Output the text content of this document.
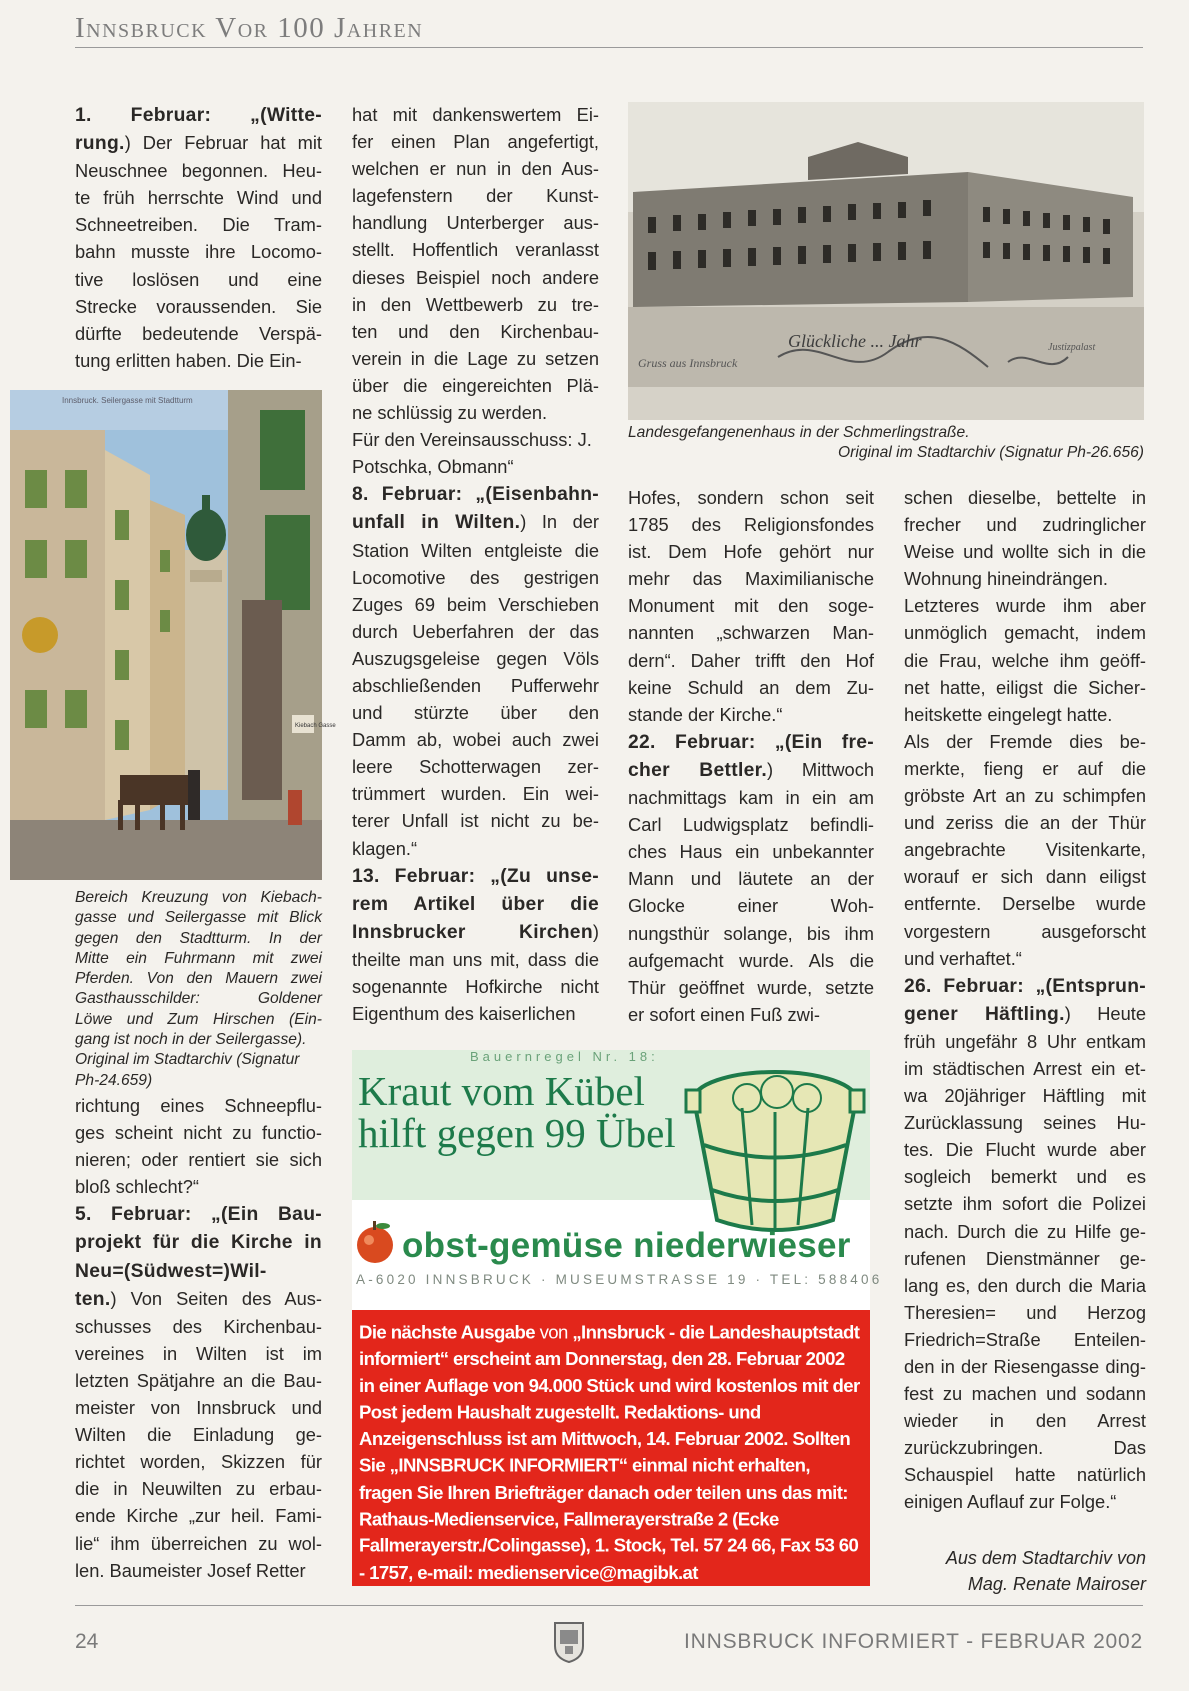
Innsbruck Vor 100 Jahren

1. Februar: „(Witte-

rung.) Der Februar hat mit

Neuschnee begonnen. Heu-

te früh herrschte Wind und

Schneetreiben. Die Tram-

bahn musste ihre Locomo-

tive loslösen und eine

Strecke voraussenden. Sie

dürfte bedeutende Verspä-

tung erlitten haben. Die Ein-

Innsbruck. Seilergasse mit Stadtturm
Kiebach Gasse
Bereich Kreuzung von Kiebach-
gasse und Seilergasse mit Blick
gegen den Stadtturm. In der
Mitte ein Fuhrmann mit zwei
Pferden. Von den Mauern zwei
Gasthausschilder: Goldener
Löwe und Zum Hirschen (Ein-
gang ist noch in der Seilergasse).
Original im Stadtarchiv (Signatur
Ph-24.659)

richtung eines Schneepflu-

ges scheint nicht zu functio-

nieren; oder rentiert sie sich

bloß schlecht?“

5. Februar: „(Ein Bau-

projekt für die Kirche in

Neu=(Südwest=)Wil-

ten.) Von Seiten des Aus-

schusses des Kirchenbau-

vereines in Wilten ist im

letzten Spätjahre an die Bau-

meister von Innsbruck und

Wilten die Einladung ge-

richtet worden, Skizzen für

die in Neuwilten zu erbau-

ende Kirche „zur heil. Fami-

lie“ ihm überreichen zu wol-

len. Baumeister Josef Retter

hat mit dankenswertem Ei-

fer einen Plan angefertigt,

welchen er nun in den Aus-

lagefenstern der Kunst-

handlung Unterberger aus-

stellt. Hoffentlich veranlasst

dieses Beispiel noch andere

in den Wettbewerb zu tre-

ten und den Kirchenbau-

verein in die Lage zu setzen

über die eingereichten Plä-

ne schlüssig zu werden.

Für den Vereinsausschuss: J.

Potschka, Obmann“

8. Februar: „(Eisenbahn-

unfall in Wilten.) In der

Station Wilten entgleiste die

Locomotive des gestrigen

Zuges 69 beim Verschieben

durch Ueberfahren der das

Auszugsgeleise gegen Völs

abschließenden Pufferwehr

und stürzte über den

Damm ab, wobei auch zwei

leere Schotterwagen zer-

trümmert wurden. Ein wei-

terer Unfall ist nicht zu be-

klagen.“

13. Februar: „(Zu unse-

rem Artikel über die

Innsbrucker Kirchen)

theilte man uns mit, dass die

sogenannte Hofkirche nicht

Eigenthum des kaiserlichen

Gruss aus Innsbruck
Justizpalast
Glückliche ... Jahr
Landesgefangenenhaus in der Schmerlingstraße.
Original im Stadtarchiv (Signatur Ph-26.656)

Hofes, sondern schon seit

1785 des Religionsfondes

ist. Dem Hofe gehört nur

mehr das Maximilianische

Monument mit den soge-

nannten „schwarzen Man-

dern“. Daher trifft den Hof

keine Schuld an dem Zu-

stande der Kirche.“

22. Februar: „(Ein fre-

cher Bettler.) Mittwoch

nachmittags kam in ein am

Carl Ludwigsplatz befindli-

ches Haus ein unbekannter

Mann und läutete an der

Glocke einer Woh-

nungsthür solange, bis ihm

aufgemacht wurde. Als die

Thür geöffnet wurde, setzte

er sofort einen Fuß zwi-

schen dieselbe, bettelte in

frecher und zudringlicher

Weise und wollte sich in die

Wohnung hineindrängen.

Letzteres wurde ihm aber

unmöglich gemacht, indem

die Frau, welche ihm geöff-

net hatte, eiligst die Sicher-

heitskette eingelegt hatte.

Als der Fremde dies be-

merkte, fieng er auf die

gröbste Art an zu schimpfen

und zeriss die an der Thür

angebrachte Visitenkarte,

worauf er sich dann eiligst

entfernte. Derselbe wurde

vorgestern ausgeforscht

und verhaftet.“

26. Februar: „(Entsprun-

gener Häftling.) Heute

früh ungefähr 8 Uhr entkam

im städtischen Arrest ein et-

wa 20jähriger Häftling mit

Zurücklassung seines Hu-

tes. Die Flucht wurde aber

sogleich bemerkt und es

setzte ihm sofort die Polizei

nach. Durch die zu Hilfe ge-

rufenen Dienstmänner ge-

lang es, den durch die Maria

Theresien= und Herzog

Friedrich=Straße Enteilen-

den in der Riesengasse ding-

fest zu machen und sodann

wieder in den Arrest

zurückzubringen. Das

Schauspiel hatte natürlich

einigen Auflauf zur Folge.“

Aus dem Stadtarchiv von
Mag. Renate Mairoser
Bauernregel Nr. 18:
Kraut vom Kübel
hilft gegen 99 Übel
obst-gemüse niederwieser
A-6020 INNSBRUCK · MUSEUMSTRASSE 19 · TEL: 588406
Die nächste Ausgabe von „Innsbruck - die Landeshauptstadt informiert“ erscheint am Donnerstag, den 28. Februar 2002 in einer Auflage von 94.000 Stück und wird kostenlos mit der Post jedem Haushalt zugestellt. Redaktions- und Anzeigenschluss ist am Mittwoch, 14. Februar 2002. Sollten Sie „INNSBRUCK INFORMIERT“ einmal nicht erhalten, fragen Sie Ihren Briefträger danach oder teilen uns das mit: Rathaus-Medienservice, Fallmerayerstraße 2 (Ecke Fallmerayerstr./Colingasse), 1. Stock, Tel. 57 24 66, Fax 53 60 - 1757, e-mail: medienservice@magibk.at
24	INNSBRUCK INFORMIERT - FEBRUAR 2002
